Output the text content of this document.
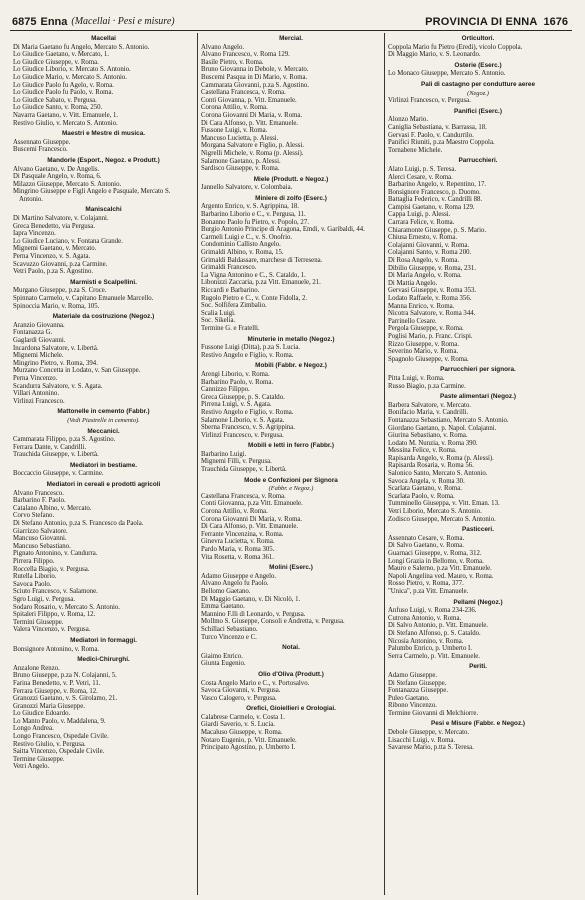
6875 Enna (Macellai · Pesi e misure)	PROVINCIA DI ENNA 1676
Macellai
Di Maria Gaetano fu Angelo, Mercato S. Antonio.
Lo Giudice Gaetano, v. Mercato, 1.
Lo Giudice Giuseppe, v. Roma.
Lo Giudice Liborio, v. Mercato S. Antonio.
Lo Giudice Mario, v. Mercato S. Antonio.
Lo Giudice Paolo fu Agelo, v. Roma.
Lo Giudice Paolo fu Paolo, v. Roma.
Lo Giudice Sabato, v. Pergusa.
Lo Giudice Santo, v. Roma, 250.
Navarra Gaetano, v. Vitt. Emanuele, 1.
Restivo Giulio, v. Mercato S. Antonio.
Maestri e Mestre di musica.
Assennato Giuseppe.
Buscemi Francesco.
Mandorle (Esport., Negoz. e Produtt.)
Alvano Gaetano, v. De Angelis.
Di Pasquale Angelo, v. Roma, 6.
Milazzo Giuseppe, Mercato S. Antonio.
Mingrino Giuseppe e Figli Angelo e Pasquale, Mercato S. Antonio.
Maniscalchi
Di Martino Salvatore, v. Colajanni.
Greca Benedetto, via Pergusa.
Iapra Vincenzo.
Lo Giudice Luciano, v. Fontana Grande.
Mignemi Gaetano, v. Mercato.
Perna Vincenzo, v. S. Agata.
Scavuzzo Giovanni, p.za Carmine.
Vetri Paolo, p.za S. Agostino.
Marmisti e Scalpellini.
Murgano Giuseppe, p.za S. Croce.
Spinnato Carmelo, v. Capitano Emanuele Marcello.
Spinoccia Mario, v. Roma, 105.
Materiale da costruzione (Negoz.)
Aranzio Giovanna.
Fontanazza G.
Gaglardi Giovanni.
Incardona Salvatore, v. Libertà.
Mignemi Michele.
Mingrino Pietro, v. Roma, 394.
Murzano Concetta in Lodato, v. San Giuseppe.
Perna Vincenzo.
Scandurra Salvatore, v. S. Agata.
Villari Antonino.
Virlinzi Francesco.
Mattonelle in cemento (Fabbr.)
(Vedi Piastrelle in cemento).
Meccanici.
Cammarata Filippo, p.za S. Agostino.
Ferrara Dante, v. Candrilli.
Trauchida Giuseppe, v. Libertà.
Mediatori in bestiame.
Boccaccio Giuseppe, v. Carmine.
Mediatori in cereali e prodotti agricoli
Alvano Francesco.
Barbarino F. Paolo.
Catalano Albino, v. Mercato.
Corvo Stefano.
Di Stefano Antonio, p.za S. Francesco da Paola.
Giarrizzo Salvatore.
Mancuso Giovanni.
Mancuso Sebastiano.
Pignato Antonino, v. Candurra.
Pirrera Filippo.
Roccella Biagio, v. Pergusa.
Rutella Liborio.
Savoca Paolo.
Sciuto Francesco, v. Salamone.
Sgro Luigi, v. Pergusa.
Sodaro Rosario, v. Mercato S. Antonio.
Spitaleri Filippo, v. Roma, 12.
Termini Giuseppe.
Valera Vincenzo, v. Pergusa.
Mediatori in formaggi.
Bonsignore Antonino, v. Roma.
Medici-Chirurghi.
Anzalone Renzo.
Bruno Giuseppe, p.za N. Colajanni, 5.
Farina Benedetto, v. P. Vetri, 11.
Ferrara Giuseppe, v. Roma, 12.
Granozzi Gaetano, v. S. Girolamo, 21.
Granozzi Maria Giuseppe.
Lo Giudice Edoardo.
Lo Manto Paolo, v. Maddalena, 9.
Longo Andrea.
Longo Francesco, Ospedale Civile.
Restivo Giulio, v. Pergusa.
Saitta Vincenzo, Ospedale Civile.
Termine Giuseppe.
Vetri Angelo.
Mercial.
Alvano Angelo.
Alvano Francesco, v. Roma 129.
Basile Pietro, v. Roma.
Bruno Giovanna in Debole, v. Mercato.
Buscemi Pasqua in Di Mario, v. Roma.
Cammarata Giovanni, p.za S. Agostino.
Castellana Francesca, v. Roma.
Conti Giovanna, p. Vitt. Emanuele.
Corona Attilio, v. Roma.
Corona Giovanni Di Maria, v. Roma.
Di Cara Alfonso, p. Vitt. Emanuele.
Fussone Luigi, v. Roma.
Mancuso Lucietta, p. Alessi.
Morgana Salvatore e Figlio, p. Alessi.
Nigrelli Michele, v. Roma (p. Alessi).
Salamone Gaetano, p. Alessi.
Sardisco Giuseppe, v. Roma.
Miele (Produtt. e Negoz.)
Jannello Salvatore, v. Colombaia.
Miniere di zolfo (Eserc.)
Argento Enrico, v. S. Agrippina, 18.
Barbarino Liborio e C., v. Pergusa, 11.
Bonanno Paolo fu Pietro, v. Popolo, 27.
Burgio Antonio Principe di Aragona, Emdi, v. Garibaldi, 44.
Carmeli Luigi e C., v. S. Onofrio.
Condominio Callisto Angelo.
Grimaldi Albino, v. Roma, 15.
Grimaldi Baldassare, marchese di Terresena.
Grimaldi Francesco.
La Vigna Antonino e C., S. Cataldo, 1.
Libonizzi Zaccaria, p.za Vitt. Emanuele, 21.
Riccardi e Barbarino.
Rugolo Pietro e C., v. Conte Fidolla, 2.
Soc. Solfifera Zimbalio.
Scalia Luigi.
Soc. Sikelia.
Termine G. e Fratelli.
Minuterie in metallo (Negoz.)
Fussone Luigi (Ditta), p.za S. Lucia.
Restivo Angelo e Figlio, v. Roma.
Mobili (Fabbr. e Negoz.)
Arengi Liborio, v. Roma.
Barbarino Paolo, v. Roma.
Cannizzo Filippo.
Greca Giuseppe, p. S. Cataldo.
Pirrena Luigi, v. S. Agata.
Restivo Angelo e Figlio, v. Roma.
Salamone Liborio, v. S. Agata.
Sberna Francesco, v. S. Agrippina.
Virlinzi Francesco, v. Pergusa.
Mobili e letti in ferro (Fabbr.)
Barbarino Luigi.
Mignemi Filli, v. Pergusa.
Trauchida Giuseppe, v. Libertà.
Mode e Confezioni per Signora
(Fabbr. e Negoz.)
Castellana Francesca, v. Roma.
Conti Giovanna, p.za Vitt. Emanuele.
Corona Attilio, v. Roma.
Corona Giovanni Di Maria, v. Roma.
Di Cara Alfonso, p. Vitt. Emanuele.
Ferrante Vincenzina, v. Roma.
Ginevra Lucietta, v. Roma.
Pardo Maria, v. Roma 305.
Vita Rosetta, v. Roma 361.
Molini (Eserc.)
Adamo Giuseppe e Angelo.
Alvano Angelo fu Paolo.
Bellomo Gaetano.
Di Maggio Gaetano, v. Di Nicolò, 1.
Emma Gaetano.
Mannino F.lli di Leonardo, v. Pergusa.
Mollmo S. Giuseppe, Consoli e Andretta, v. Pergusa.
Schillaci Sebastiano.
Turco Vincenzo e C.
Notai.
Giaimo Enrico.
Giunta Eugenio.
Olio d'Oliva (Produtt.)
Costa Angelo Mario e C., v. Portosalvo.
Savoca Giovanni, v. Pergusa.
Vasco Calogero, v. Pergusa.
Orefici, Gioiellieri e Orologiai.
Calabrese Carmelo, v. Costa 1.
Giardi Saverio, v. S. Lucia.
Macaluso Giuseppe, v. Roma.
Notaro Eugenio, p. Vitt. Emanuele.
Principato Agostino, p. Umberto I.
Orticultori.
Coppola Mario fu Pietro (Eredi), vicolo Coppola.
Di Maggio Mario, v. S. Leonardo.
Osterie (Eserc.)
Lo Monaco Giuseppe, Mercato S. Antonio.
Pali di castagno per condutture aeree
(Negoz.)
Virlinzi Francesco, v. Pergusa.
Panifici (Eserc.)
Alonzo Mario.
Caniglia Sebastiana, v. Barrassa, 18.
Gervasi F. Paolo, v. Candurrilo.
Panifici Riuniti, p.za Maestro Coppola.
Tornabene Michele.
Parrucchieri.
Alato Luigi, p. S. Teresa.
Alerci Cesare, v. Roma.
Barbarino Angelo, v. Repentino, 17.
Bonsignore Francesco, p. Duomo.
Battaglia Federico, v. Candrilli 88.
Campisi Gaetano, v. Roma 129.
Cappa Luigi, p. Alessi.
Carrara Felice, v. Roma.
Chiaramonte Giuseppe, p. S. Mario.
Chiusa Ernesto, v. Roma.
Colajanni Giovanni, v. Roma.
Colajanni Santo, v. Roma 200.
Di Rosa Angelo, v. Roma.
Dibilio Giuseppe, v. Roma, 231.
Di Maria Angelo, v. Roma.
Di Mattia Angelo.
Gervasi Giuseppe, v. Roma 353.
Lodato Raffaele, v. Roma 356.
Manna Enrico, v. Roma.
Nicotra Salvatore, v. Roma 344.
Parrinello Cesare.
Pergola Giuseppe, v. Roma.
Poglisi Mario, p. Franc. Crispi.
Rizzo Giuseppe, v. Roma.
Severino Mario, v. Roma.
Spagnolo Giuseppe, v. Roma.
Parrucchieri per signora.
Pitta Luigi, v. Roma.
Russo Biagio, p.za Carmine.
Paste alimentari (Negoz.)
Barbera Salvatore, v. Mercato.
Bonifacio Maria, v. Candrilli.
Fontanazza Sebastiano, Mercato S. Antonio.
Giordano Gaetano, p. Napol. Colajanni.
Giurina Sebastiano, v. Roma.
Lodato M. Nunzia, v. Roma 390.
Messina Felice, v. Roma.
Rapisarda Angelo, v. Roma (p. Alessi).
Rapisarda Rosaria, v. Roma 56.
Salonico Santo, Mercato S. Antonio.
Savoca Angela, v. Roma 30.
Scarlata Gaetano, v. Roma.
Scarlata Paolo, v. Roma.
Tumminello Giuseppa, v. Vitt. Eman. 13.
Vetri Liborio, Mercato S. Antonio.
Zodisco Giuseppe, Mercato S. Antonio.
Pasticceri.
Assennato Cesare, v. Roma.
Di Salvo Gaetano, v. Roma.
Guarnaci Giuseppe, v. Roma, 312.
Longi Grazia in Bellomo, v. Roma.
Mauro e Salerno, p.za Vitt. Emanuele.
Napoli Angelina ved. Mauro, v. Roma.
Rosso Pietro, v. Roma, 377.
"Unica", p.za Vitt. Emanuele.
Pellami (Negoz.)
Anfuso Luigi, v. Roma 234-236.
Cutrona Antonio, v. Roma.
Di Salvo Antonio, p. Vitt. Emanuele.
Di Stefano Alfonso, p. S. Cataldo.
Nicosia Antonino, v. Roma.
Palumbo Enrico, p. Umberto I.
Serra Carmelo, p. Vitt. Emanuele.
Periti.
Adamo Giuseppe.
Di Stefano Giuseppe.
Fontanazza Giuseppe.
Puleo Gaetano.
Ribono Vincenzo.
Termine Giovanni di Melchiorre.
Pesi e Misure (Fabbr. e Negoz.)
Debole Giuseppe, v. Mercato.
Lisacchi Luigi, v. Roma.
Savarese Mario, p.tta S. Teresa.
